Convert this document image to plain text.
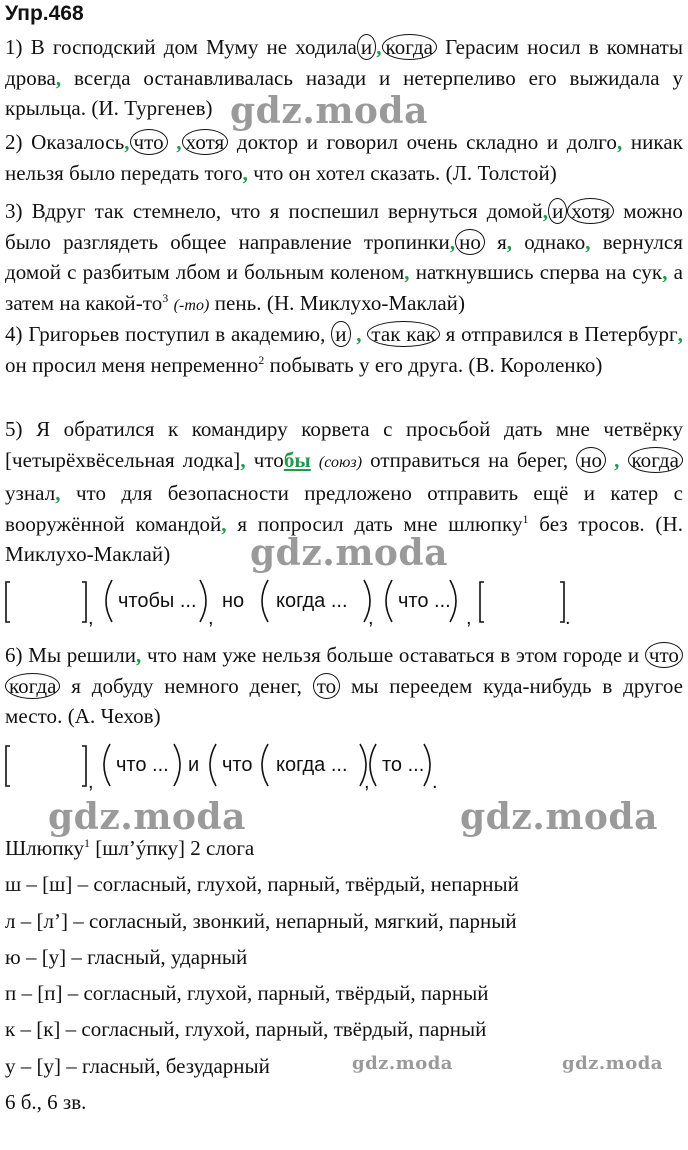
Упр.468
1) В господский дом Муму не ходила и , когда Герасим носил в комнаты дрова, всегда останавливалась назади и нетерпеливо его выжидала у крыльца. (И. Тургенев)
2) Оказалось, что , хотя доктор и говорил очень складно и долго, никак нельзя было передать того, что он хотел сказать. (Л. Толстой)
3) Вдруг так стемнело, что я поспешил вернуться домой, и хотя можно было разглядеть общее направление тропинки, но я, однако, вернулся домой с разбитым лбом и больным коленом, наткнувшись сперва на сук, а затем на какой-$то^3$ (-то) пень. (Н. Миклухо-Маклай)
4) Григорьев поступил в академию, и , так как я отправился в Петербург, он просил меня непременно$^2$ побывать у его друга. (В. Короленко)
5) Я обратился к командиру корвета с просьбой дать мне четвёрку [четырёхвёсельная лодка], чтобы (союз) отправиться на берег, но , когда узнал, что для безопасности предложено отправить ещё и катер с вооружённой командой, я попросил дать мне шлюпку$^1$ без тросов. (Н. Миклухо-Маклай)
,
чтобы ...
,
но когда ...
,
что ...
,	.
6) Мы решили, что нам уже нельзя больше оставаться в этом городе и что когда я добуду немного денег, то мы переедем куда-нибудь в другое место. (А. Чехов)
,
что ... и что когда ...
,
то ...
.
Шлюпку$^1$ [шл’ýпку] 2 слога
ш – [ш] – согласный, глухой, парный, твёрдый, непарный
л – [л’] – согласный, звонкий, непарный, мягкий, парный
ю – [у] – гласный, ударный
п – [п] – согласный, глухой, парный, твёрдый, парный
к – [к] – согласный, глухой, парный, твёрдый, парный
у – [у] – гласный, безударный
6 б., 6 зв.
gdz.moda
gdz.moda
gdz.moda	gdz.moda
gdz.moda	gdz.moda
